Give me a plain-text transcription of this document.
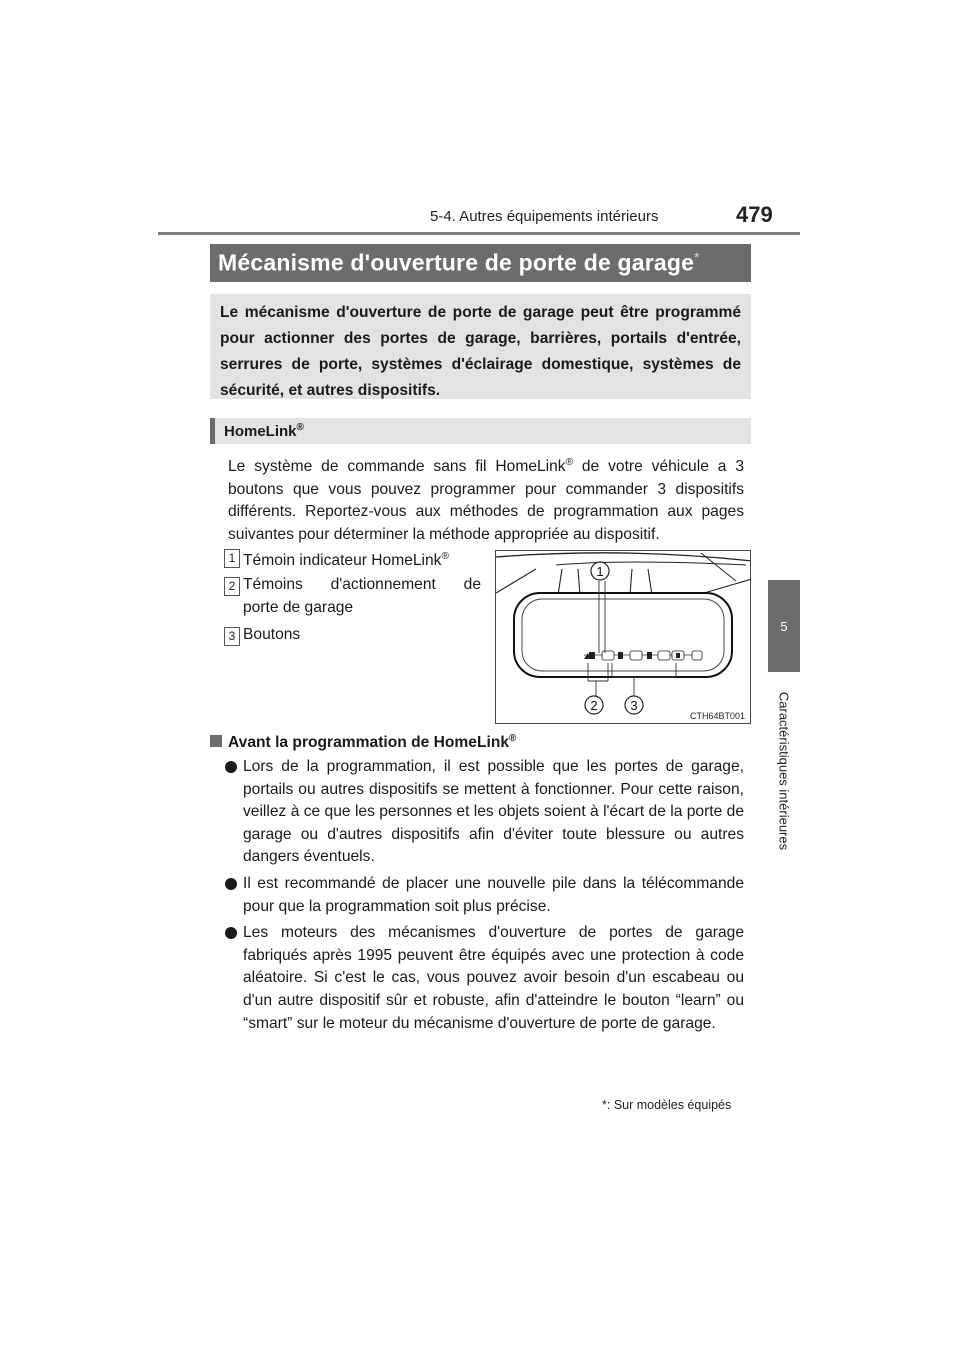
5-4. Autres équipements intérieurs	479
5
Caractéristiques intérieures
Mécanisme d'ouverture de porte de garage*

Le mécanisme d'ouverture de porte de garage peut être programmé pour actionner des portes de garage, barrières, portails d'entrée, serrures de porte, systèmes d'éclairage domestique, systèmes de sécurité, et autres dispositifs.

HomeLink®

Le système de commande sans fil HomeLink® de votre véhicule a 3 boutons que vous pouvez programmer pour commander 3 dispositifs différents. Reportez-vous aux méthodes de programmation aux pages suivantes pour déterminer la méthode appropriée au dispositif.

1 Témoin indicateur HomeLink®
2 Témoins d'actionnement de
porte de garage
3 Boutons
1
2	3
CTH64BT001
Avant la programmation de HomeLink®
Lors de la programmation, il est possible que les portes de garage, portails ou autres dispositifs se mettent à fonctionner. Pour cette raison, veillez à ce que les personnes et les objets soient à l'écart de la porte de garage ou d'autres dispositifs afin d'éviter toute blessure ou autres dangers éventuels.
Il est recommandé de placer une nouvelle pile dans la télécommande pour que la programmation soit plus précise.
Les moteurs des mécanismes d'ouverture de portes de garage fabriqués après 1995 peuvent être équipés avec une protection à code aléatoire. Si c'est le cas, vous pouvez avoir besoin d'un escabeau ou d'un autre dispositif sûr et robuste, afin d'atteindre le bouton “learn” ou “smart” sur le moteur du mécanisme d'ouverture de porte de garage.
*: Sur modèles équipés
